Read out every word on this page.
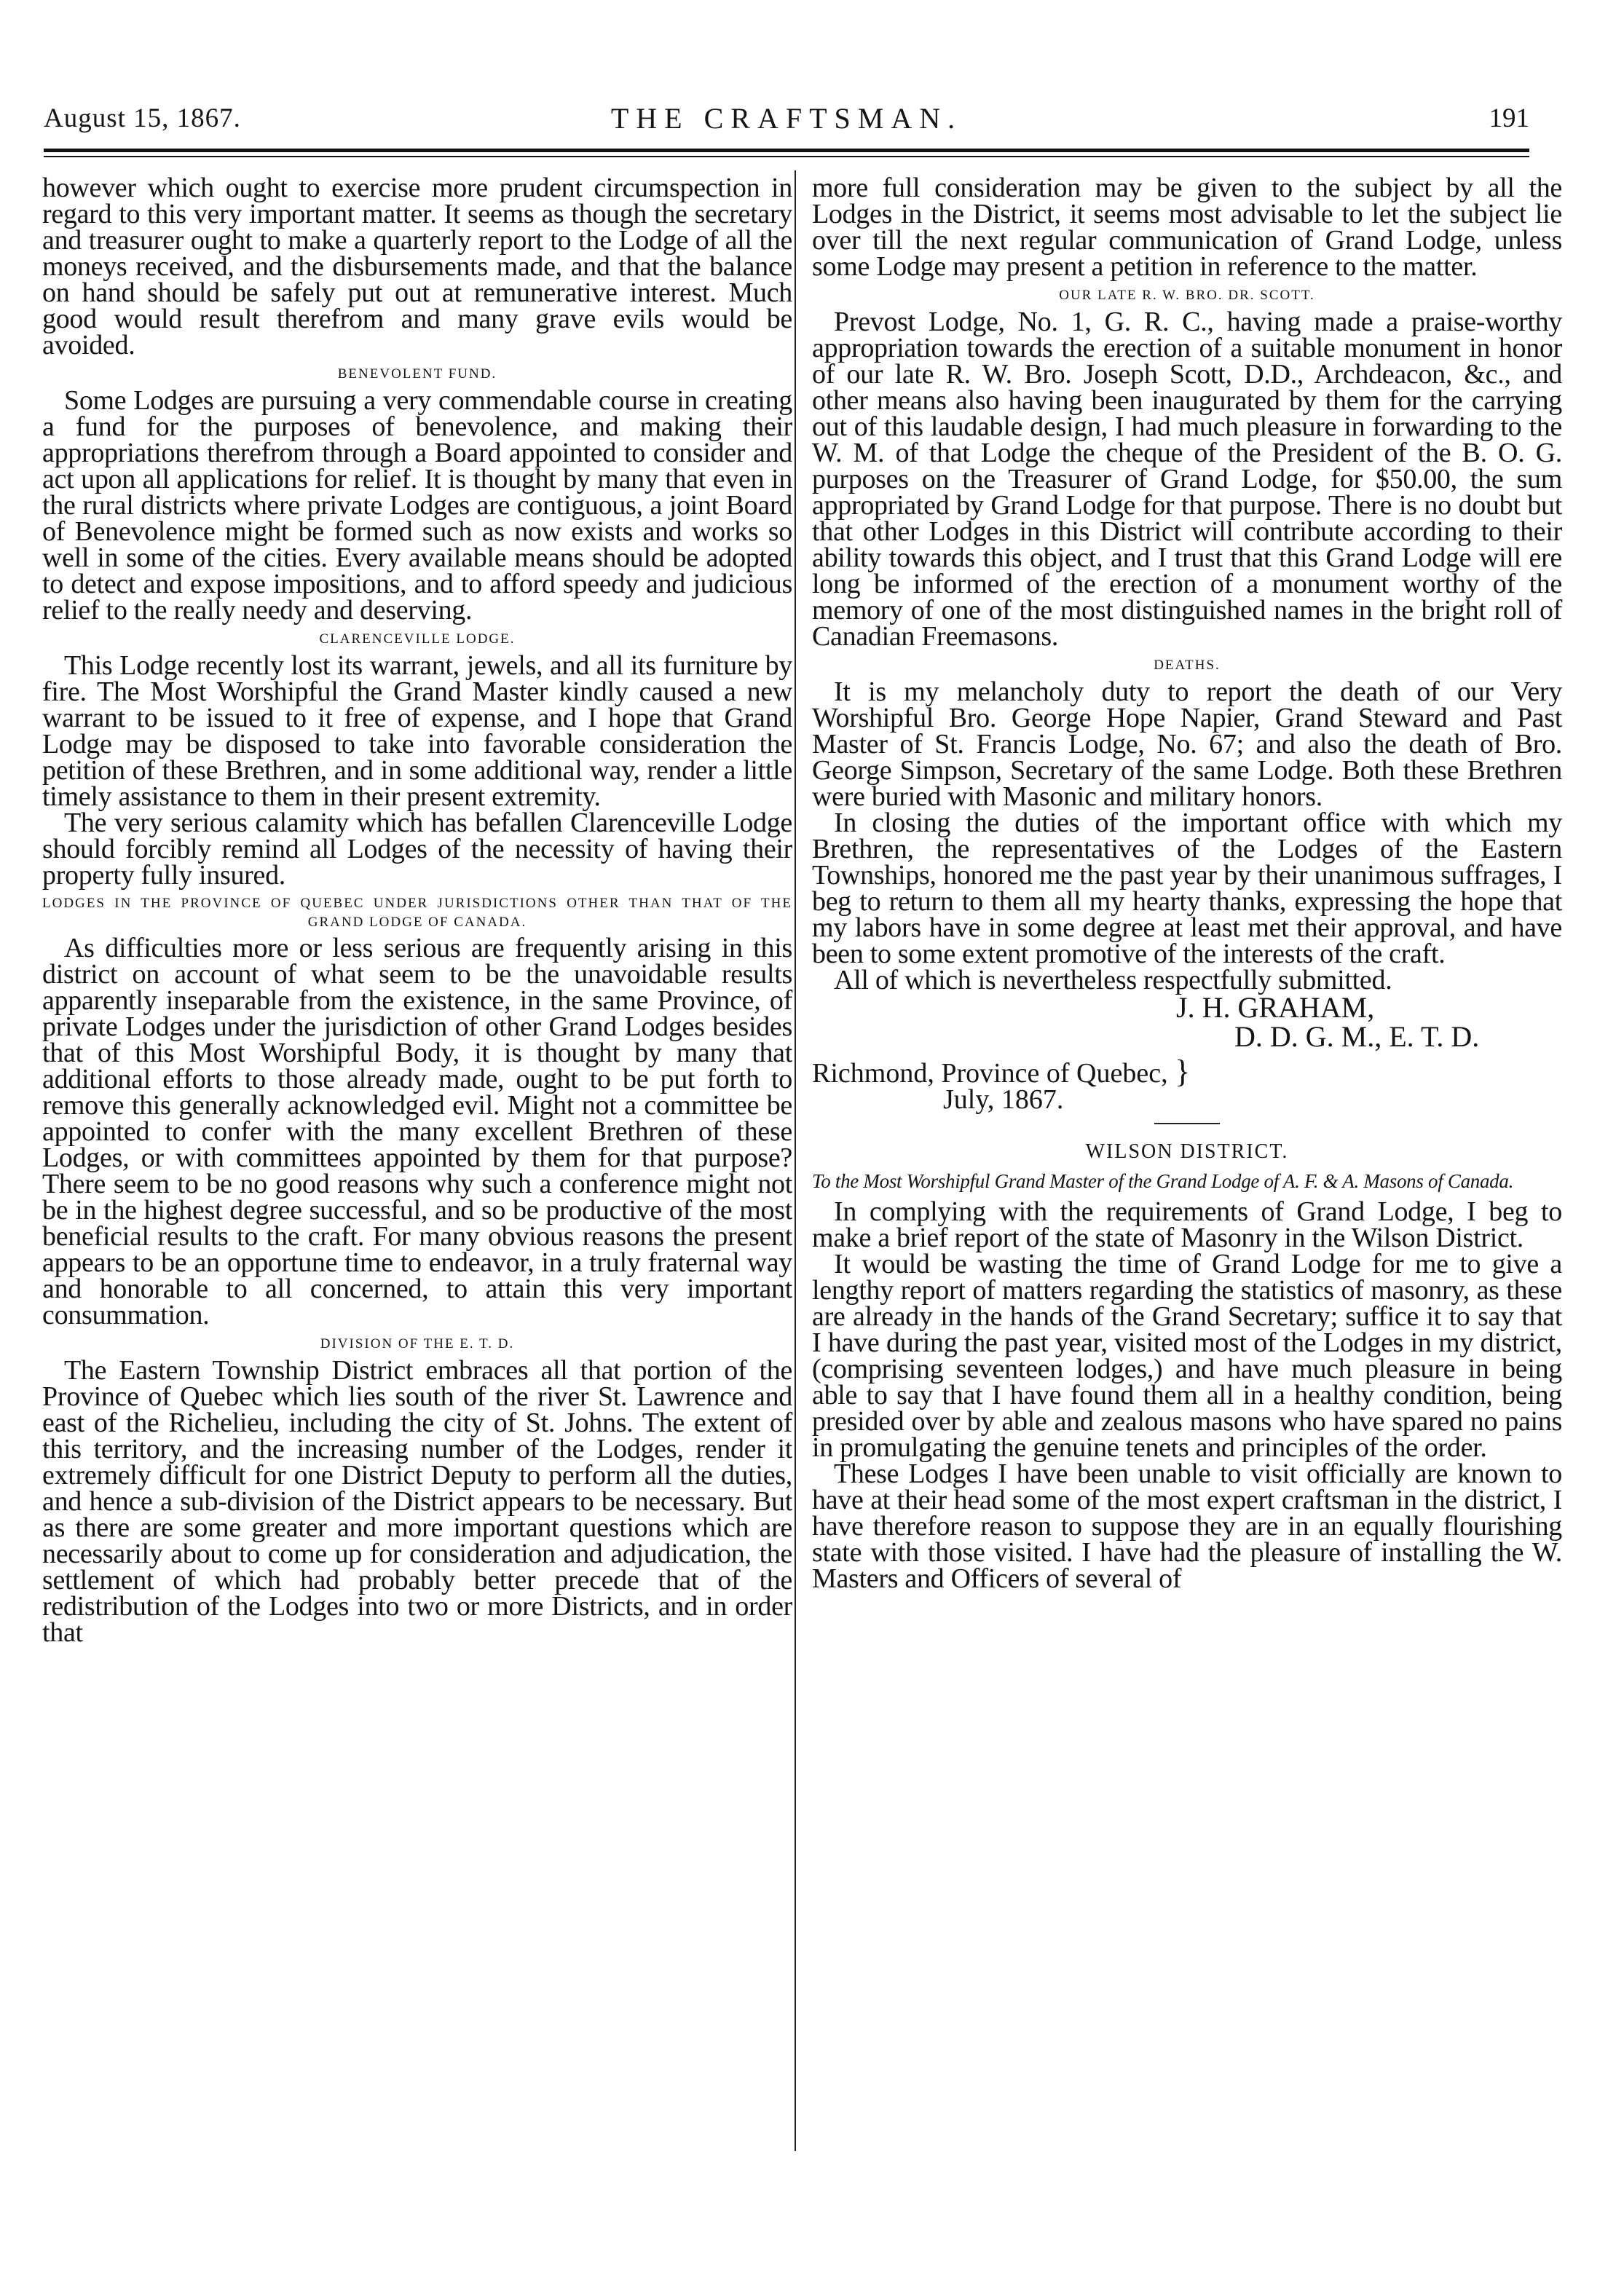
August 15, 1867.	THE CRAFTSMAN.	191

however which ought to exercise more prudent circumspection in regard to this very important matter. It seems as though the secretary and treasurer ought to make a quarterly report to the Lodge of all the moneys received, and the disbursements made, and that the balance on hand should be safely put out at remunerative interest. Much good would result therefrom and many grave evils would be avoided.

BENEVOLENT FUND.

Some Lodges are pursuing a very commendable course in creating a fund for the purposes of benevolence, and making their appropriations therefrom through a Board appointed to consider and act upon all applications for relief. It is thought by many that even in the rural districts where private Lodges are contiguous, a joint Board of Benevolence might be formed such as now exists and works so well in some of the cities. Every available means should be adopted to detect and expose impositions, and to afford speedy and judicious relief to the really needy and deserving.

CLARENCEVILLE LODGE.

This Lodge recently lost its warrant, jewels, and all its furniture by fire. The Most Worshipful the Grand Master kindly caused a new warrant to be issued to it free of expense, and I hope that Grand Lodge may be disposed to take into favorable consideration the petition of these Brethren, and in some additional way, render a little timely assistance to them in their present extremity.

The very serious calamity which has befallen Clarenceville Lodge should forcibly remind all Lodges of the necessity of having their property fully insured.

LODGES IN THE PROVINCE OF QUEBEC UNDER JURISDICTIONS OTHER THAN THAT OF THE GRAND LODGE OF CANADA.

As difficulties more or less serious are frequently arising in this district on account of what seem to be the unavoidable results apparently inseparable from the existence, in the same Province, of private Lodges under the jurisdiction of other Grand Lodges besides that of this Most Worshipful Body, it is thought by many that additional efforts to those already made, ought to be put forth to remove this generally acknowledged evil. Might not a committee be appointed to confer with the many excellent Brethren of these Lodges, or with committees appointed by them for that purpose? There seem to be no good reasons why such a conference might not be in the highest degree successful, and so be productive of the most beneficial results to the craft. For many obvious reasons the present appears to be an opportune time to endeavor, in a truly fraternal way and honorable to all concerned, to attain this very important consummation.

DIVISION OF THE E. T. D.

The Eastern Township District embraces all that portion of the Province of Quebec which lies south of the river St. Lawrence and east of the Richelieu, including the city of St. Johns. The extent of this territory, and the increasing number of the Lodges, render it extremely difficult for one District Deputy to perform all the duties, and hence a sub-division of the District appears to be necessary. But as there are some greater and more important questions which are necessarily about to come up for consideration and adjudication, the settlement of which had probably better precede that of the redistribution of the Lodges into two or more Districts, and in order that

more full consideration may be given to the subject by all the Lodges in the District, it seems most advisable to let the subject lie over till the next regular communication of Grand Lodge, unless some Lodge may present a petition in reference to the matter.

OUR LATE R. W. BRO. DR. SCOTT.

Prevost Lodge, No. 1, G. R. C., having made a praise-worthy appropriation towards the erection of a suitable monument in honor of our late R. W. Bro. Joseph Scott, D.D., Archdeacon, &c., and other means also having been inaugurated by them for the carrying out of this laudable design, I had much pleasure in forwarding to the W. M. of that Lodge the cheque of the President of the B. O. G. purposes on the Treasurer of Grand Lodge, for $50.00, the sum appropriated by Grand Lodge for that purpose. There is no doubt but that other Lodges in this District will contribute according to their ability towards this object, and I trust that this Grand Lodge will ere long be informed of the erection of a monument worthy of the memory of one of the most distinguished names in the bright roll of Canadian Freemasons.

DEATHS.

It is my melancholy duty to report the death of our Very Worshipful Bro. George Hope Napier, Grand Steward and Past Master of St. Francis Lodge, No. 67; and also the death of Bro. George Simpson, Secretary of the same Lodge. Both these Brethren were buried with Masonic and military honors.

In closing the duties of the important office with which my Brethren, the representatives of the Lodges of the Eastern Townships, honored me the past year by their unanimous suffrages, I beg to return to them all my hearty thanks, expressing the hope that my labors have in some degree at least met their approval, and have been to some extent promotive of the interests of the craft.

All of which is nevertheless respectfully submitted.

J. H. GRAHAM,
D. D. G. M., E. T. D.
Richmond, Province of Quebec, }
July, 1867.
WILSON DISTRICT.

To the Most Worshipful Grand Master of the Grand Lodge of A. F. & A. Masons of Canada.

In complying with the requirements of Grand Lodge, I beg to make a brief report of the state of Masonry in the Wilson District.

It would be wasting the time of Grand Lodge for me to give a lengthy report of matters regarding the statistics of masonry, as these are already in the hands of the Grand Secretary; suffice it to say that I have during the past year, visited most of the Lodges in my district, (comprising seventeen lodges,) and have much pleasure in being able to say that I have found them all in a healthy condition, being presided over by able and zealous masons who have spared no pains in promulgating the genuine tenets and principles of the order.

These Lodges I have been unable to visit officially are known to have at their head some of the most expert craftsman in the district, I have therefore reason to suppose they are in an equally flourishing state with those visited. I have had the pleasure of installing the W. Masters and Officers of several of
